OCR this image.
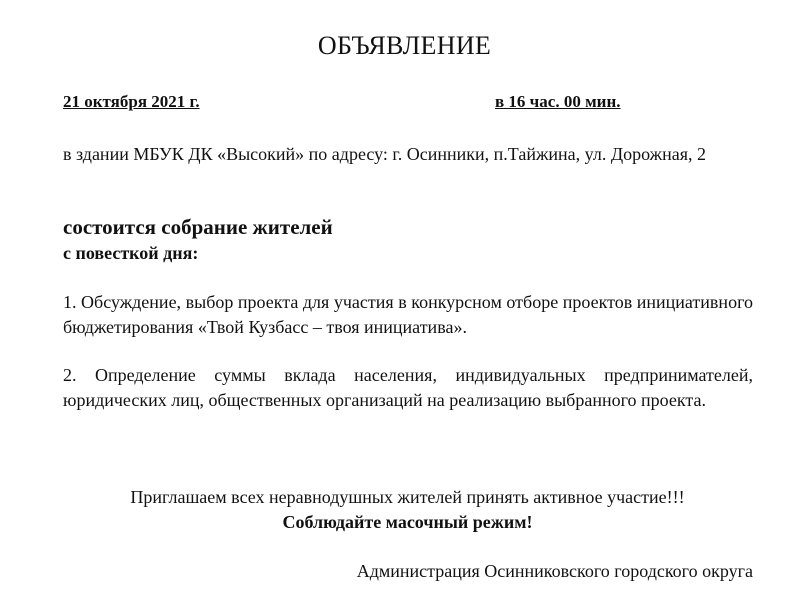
ОБЪЯВЛЕНИЕ
21 октября 2021 г.	в 16 час. 00 мин.
в здании МБУК ДК «Высокий» по адресу: г. Осинники, п.Тайжина, ул. Дорожная, 2
состоится собрание жителей
с повесткой дня:
1. Обсуждение, выбор проекта для участия в конкурсном отборе проектов инициативного бюджетирования «Твой Кузбасс – твоя инициатива».
2. Определение суммы вклада населения, индивидуальных предпринимателей, юридических лиц, общественных организаций на реализацию выбранного проекта.
Приглашаем всех неравнодушных жителей принять активное участие!!!
Соблюдайте масочный режим!
Администрация Осинниковского городского округа
